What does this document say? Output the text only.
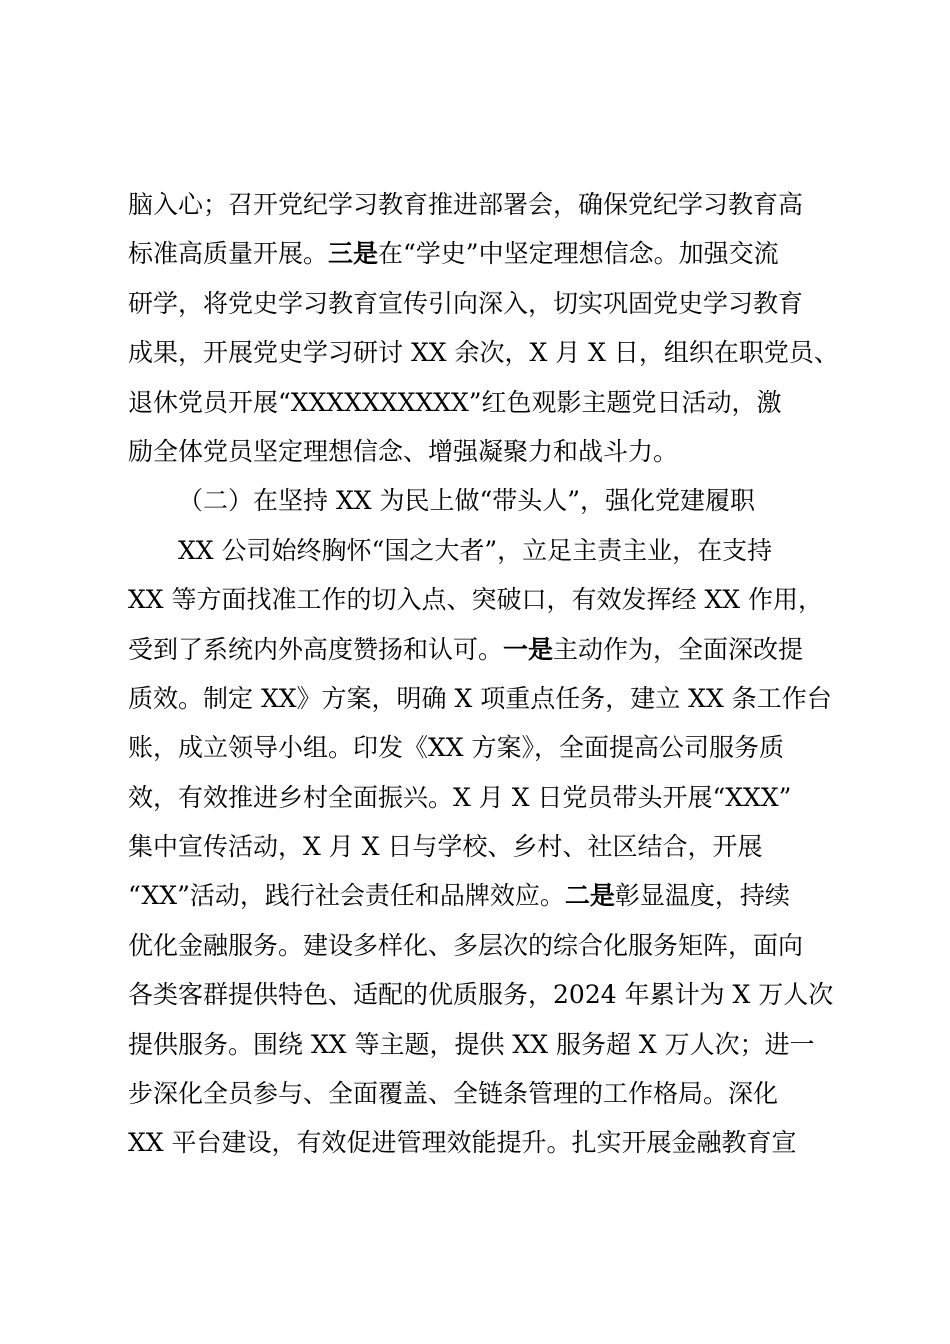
脑入心；召开党纪学习教育推进部署会，确保党纪学习教育高
标准高质量开展。三是在“学史”中坚定理想信念。加强交流
研学，将党史学习教育宣传引向深入，切实巩固党史学习教育
成果，开展党史学习研讨 XX 余次，X 月 X 日，组织在职党员、
退休党员开展“XXXXXXXXXX”红色观影主题党日活动，激
励全体党员坚定理想信念、增强凝聚力和战斗力。
（二）在坚持 XX 为民上做“带头人”，强化党建履职
XX 公司始终胸怀“国之大者”，立足主责主业，在支持
XX 等方面找准工作的切入点、突破口，有效发挥经 XX 作用，
受到了系统内外高度赞扬和认可。一是主动作为，全面深改提
质效。制定 XX》方案，明确 X 项重点任务，建立 XX 条工作台
账，成立领导小组。印发《XX 方案》，全面提高公司服务质
效，有效推进乡村全面振兴。X 月 X 日党员带头开展“XXX”
集中宣传活动，X 月 X 日与学校、乡村、社区结合，开展
“XX”活动，践行社会责任和品牌效应。二是彰显温度，持续
优化金融服务。建设多样化、多层次的综合化服务矩阵，面向
各类客群提供特色、适配的优质服务，2024 年累计为 X 万人次
提供服务。围绕 XX 等主题，提供 XX 服务超 X 万人次；进一
步深化全员参与、全面覆盖、全链条管理的工作格局。深化
XX 平台建设，有效促进管理效能提升。扎实开展金融教育宣
